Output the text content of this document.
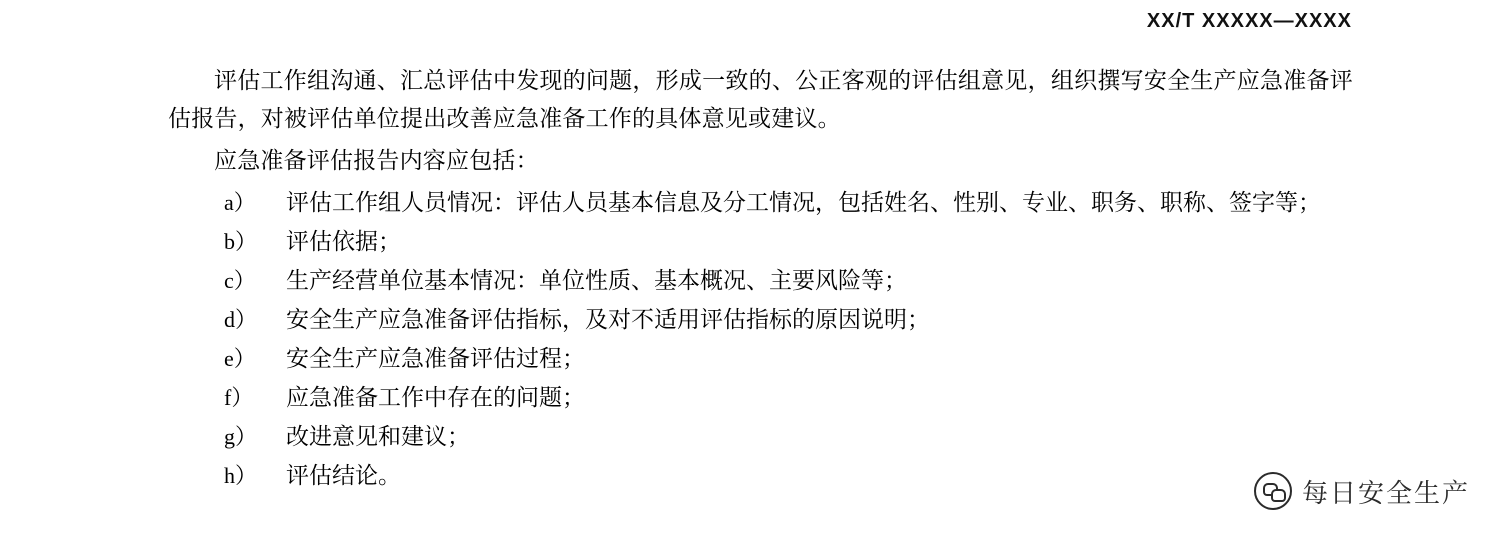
XX/T XXXXX—XXXX

评估工作组沟通、汇总评估中发现的问题，形成一致的、公正客观的评估组意见，组织撰写安全生产应急准备评估报告，对被评估单位提出改善应急准备工作的具体意见或建议。

应急准备评估报告内容应包括：

a）	评估工作组人员情况：评估人员基本信息及分工情况，包括姓名、性别、专业、职务、职称、签字等；
b）	评估依据；
c）	生产经营单位基本情况：单位性质、基本概况、主要风险等；
d）	安全生产应急准备评估指标，及对不适用评估指标的原因说明；
e）	安全生产应急准备评估过程；
f）	应急准备工作中存在的问题；
g）	改进意见和建议；
h）	评估结论。
每日安全生产
